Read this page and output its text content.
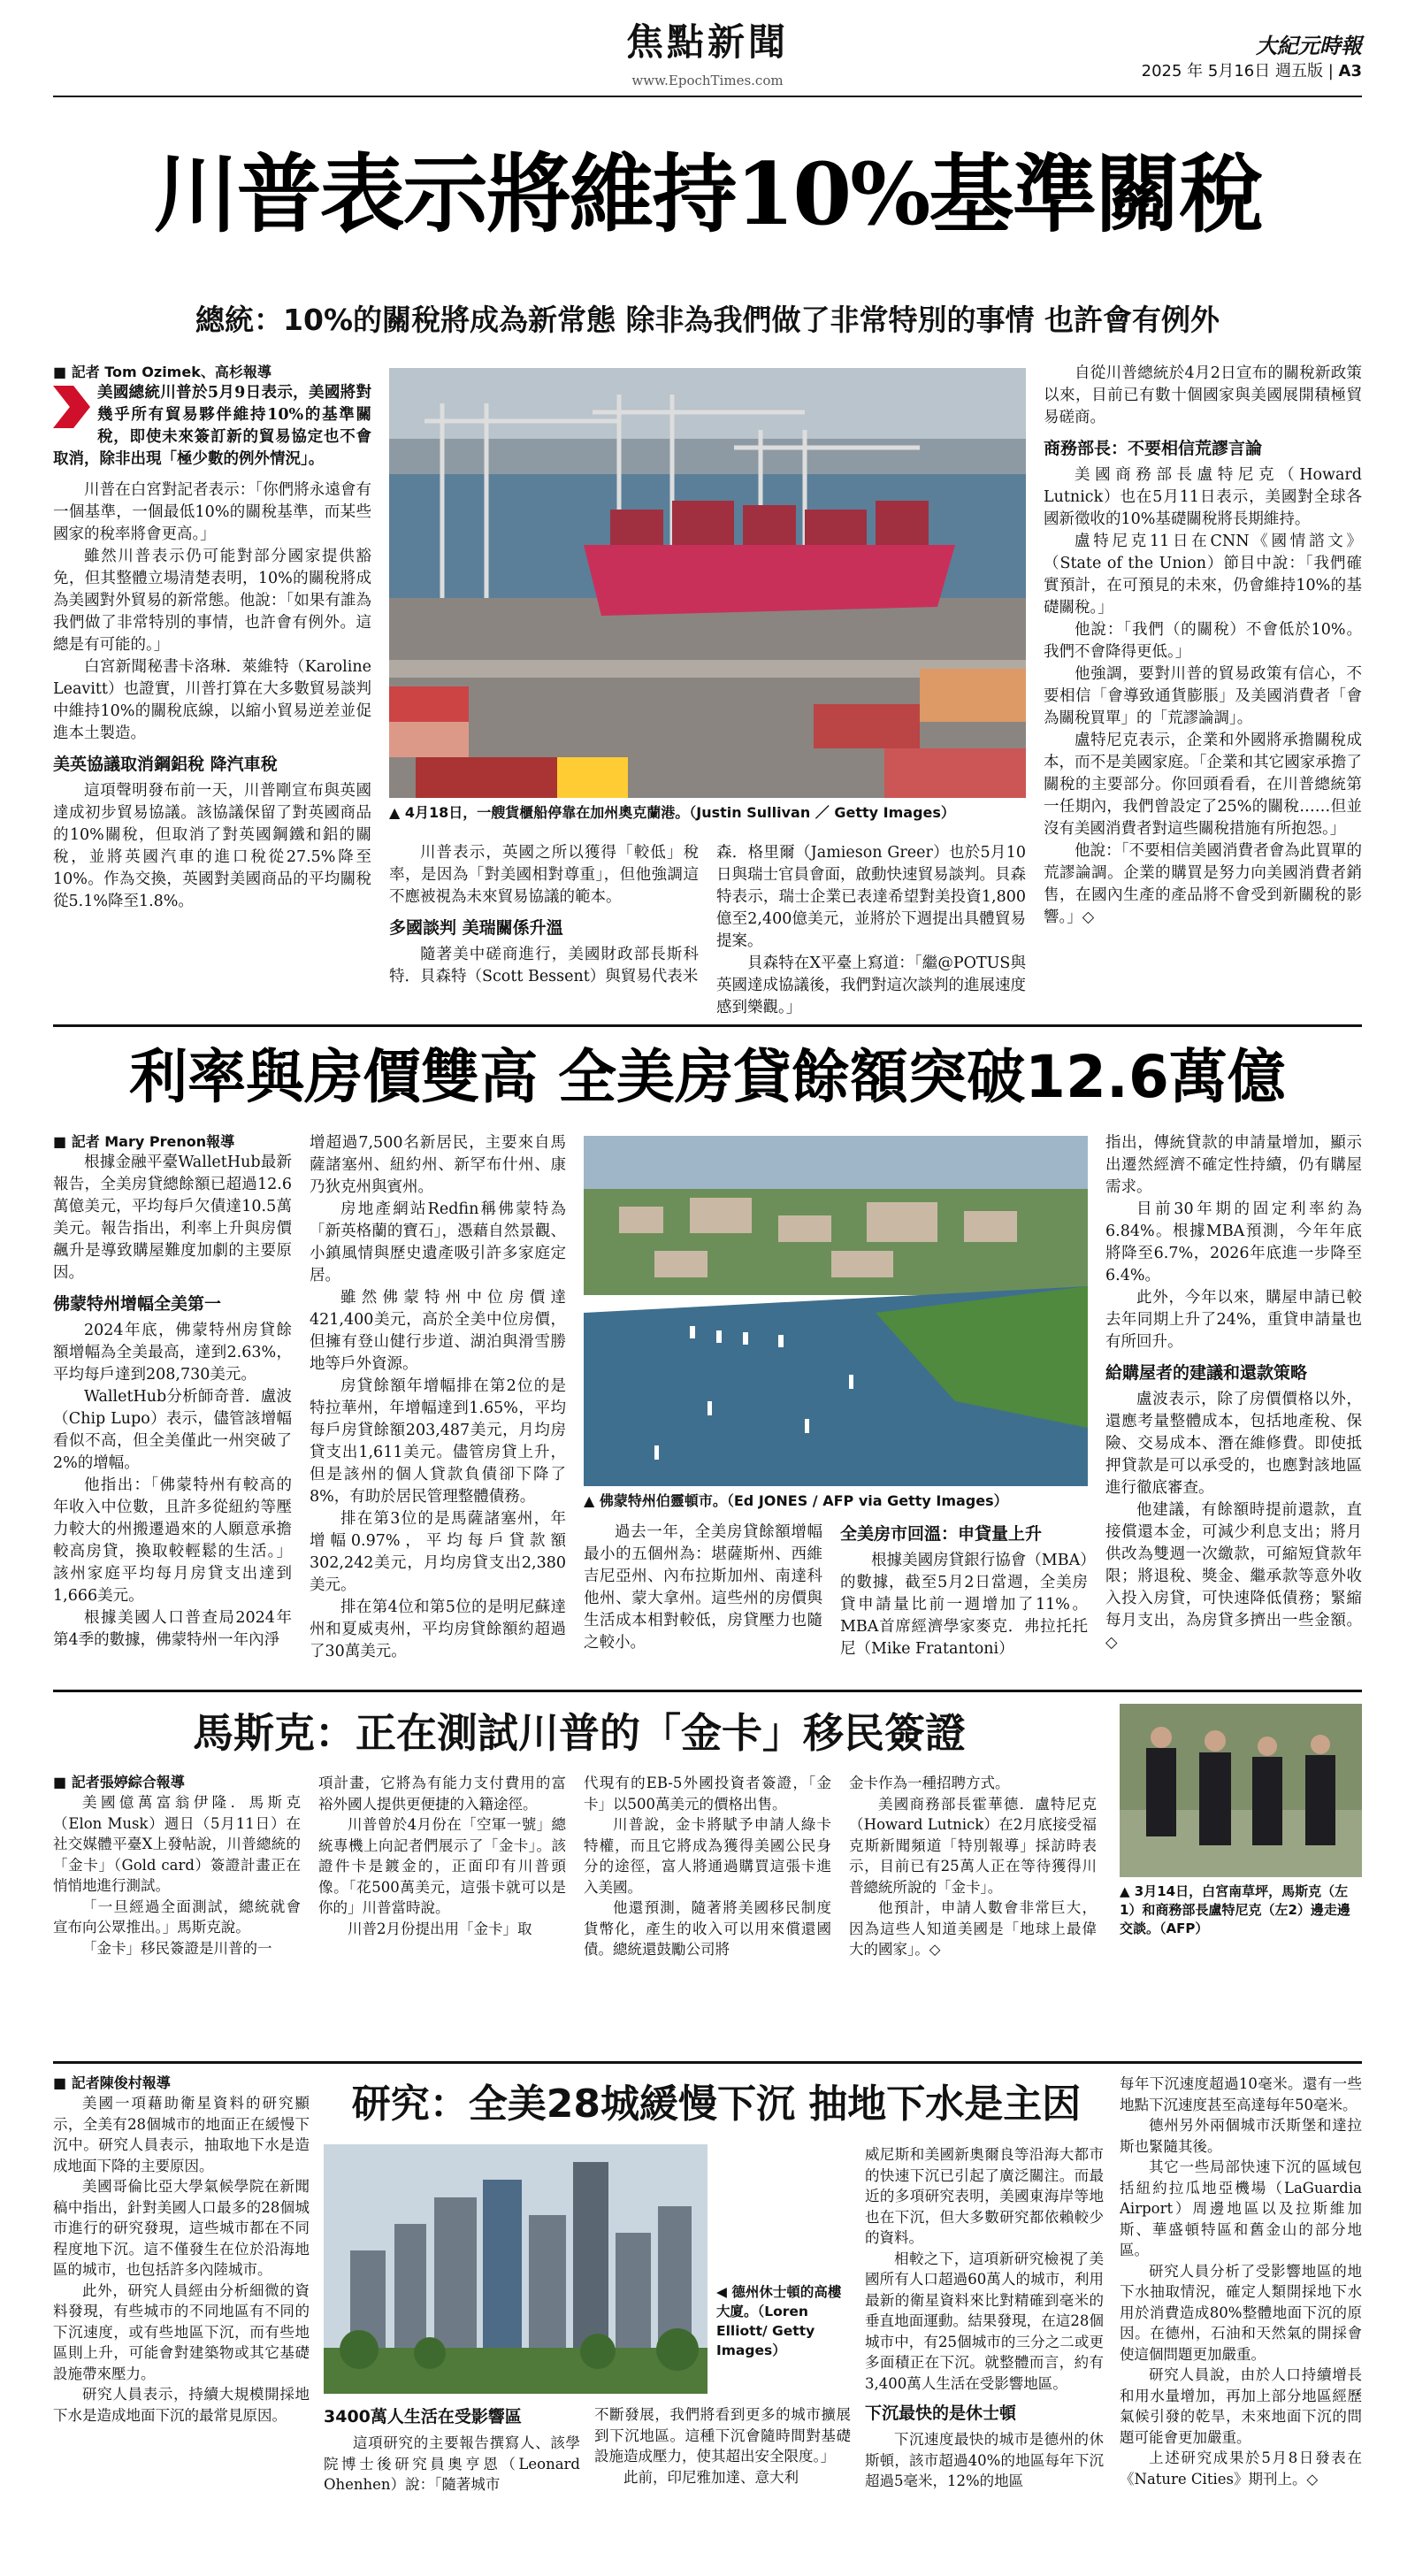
焦點新聞
www.EpochTimes.com
大紀元時報
2025 年 5月16日 週五版 | A3
川普表示將維持10%基準關稅
總統：10%的關稅將成為新常態 除非為我們做了非常特別的事情 也許會有例外

■ 記者 Tom Ozimek、高杉報導

美國總統川普於5月9日表示，美國將對幾乎所有貿易夥伴維持10%的基準關稅，即使未來簽訂新的貿易協定也不會取消，除非出現「極少數的例外情況」。

川普在白宮對記者表示：「你們將永遠會有一個基準，一個最低10%的關稅基準，而某些國家的稅率將會更高。」

雖然川普表示仍可能對部分國家提供豁免，但其整體立場清楚表明，10%的關稅將成為美國對外貿易的新常態。他說：「如果有誰為我們做了非常特別的事情，也許會有例外。這總是有可能的。」

白宮新聞秘書卡洛琳．萊維特（Karoline Leavitt）也證實，川普打算在大多數貿易談判中維持10%的關稅底線，以縮小貿易逆差並促進本土製造。

美英協議取消鋼鋁稅 降汽車稅

這項聲明發布前一天，川普剛宣布與英國達成初步貿易協議。該協議保留了對英國商品的10%關稅，但取消了對英國鋼鐵和鋁的關稅，並將英國汽車的進口稅從27.5%降至10%。作為交換，英國對美國商品的平均關稅從5.1%降至1.8%。

▲ 4月18日，一艘貨櫃船停靠在加州奧克蘭港。（Justin Sullivan ／ Getty Images）

川普表示，英國之所以獲得「較低」稅率，是因為「對美國相對尊重」，但他強調這不應被視為未來貿易協議的範本。

多國談判 美瑞關係升溫

隨著美中磋商進行，美國財政部長斯科特．貝森特（Scott Bessent）與貿易代表米

森．格里爾（Jamieson Greer）也於5月10日與瑞士官員會面，啟動快速貿易談判。貝森特表示，瑞士企業已表達希望對美投資1,800億至2,400億美元，並將於下週提出具體貿易提案。

貝森特在X平臺上寫道：「繼@POTUS與英國達成協議後，我們對這次談判的進展速度感到樂觀。」

自從川普總統於4月2日宣布的關稅新政策以來，目前已有數十個國家與美國展開積極貿易磋商。

商務部長：不要相信荒謬言論

美國商務部長盧特尼克（Howard Lutnick）也在5月11日表示，美國對全球各國新徵收的10%基礎關稅將長期維持。

盧特尼克11日在CNN《國情諮文》（State of the Union）節目中說：「我們確實預計，在可預見的未來，仍會維持10%的基礎關稅。」

他說：「我們（的關稅）不會低於10%。我們不會降得更低。」

他強調，要對川普的貿易政策有信心，不要相信「會導致通貨膨脹」及美國消費者「會為關稅買單」的「荒謬論調」。

盧特尼克表示，企業和外國將承擔關稅成本，而不是美國家庭。「企業和其它國家承擔了關稅的主要部分。你回頭看看，在川普總統第一任期內，我們曾設定了25%的關稅……但並沒有美國消費者對這些關稅措施有所抱怨。」

他說：「不要相信美國消費者會為此買單的荒謬論調。企業的購買是努力向美國消費者銷售，在國內生產的產品將不會受到新關稅的影響。」◇

利率與房價雙高 全美房貸餘額突破12.6萬億

■ 記者 Mary Prenon報導

根據金融平臺WalletHub最新報告，全美房貸總餘額已超過12.6萬億美元，平均每戶欠債達10.5萬美元。報告指出，利率上升與房價飆升是導致購屋難度加劇的主要原因。

佛蒙特州增幅全美第一

2024年底，佛蒙特州房貸餘額增幅為全美最高，達到2.63%，平均每戶達到208,730美元。

WalletHub分析師奇普．盧波（Chip Lupo）表示，儘管該增幅看似不高，但全美僅此一州突破了2%的增幅。

他指出：「佛蒙特州有較高的年收入中位數，且許多從紐約等壓力較大的州搬遷過來的人願意承擔較高房貸，換取較輕鬆的生活。」該州家庭平均每月房貸支出達到1,666美元。

根據美國人口普查局2024年第4季的數據，佛蒙特州一年內淨

增超過7,500名新居民，主要來自馬薩諸塞州、紐約州、新罕布什州、康乃狄克州與賓州。

房地產網站Redfin稱佛蒙特為「新英格蘭的寶石」，憑藉自然景觀、小鎮風情與歷史遺產吸引許多家庭定居。

雖然佛蒙特州中位房價達421,400美元，高於全美中位房價，但擁有登山健行步道、湖泊與滑雪勝地等戶外資源。

房貸餘額年增幅排在第2位的是特拉華州，年增幅達到1.65%，平均每戶房貸餘額203,487美元，月均房貸支出1,611美元。儘管房貸上升，但是該州的個人貸款負債卻下降了8%，有助於居民管理整體債務。

排在第3位的是馬薩諸塞州，年增幅0.97%，平均每戶貸款額302,242美元，月均房貸支出2,380美元。

排在第4位和第5位的是明尼蘇達州和夏威夷州，平均房貸餘額約超過了30萬美元。

▲ 佛蒙特州伯靈頓市。（Ed JONES / AFP via Getty Images）

過去一年，全美房貸餘額增幅最小的五個州為：堪薩斯州、西維吉尼亞州、內布拉斯加州、南達科他州、蒙大拿州。這些州的房價與生活成本相對較低，房貸壓力也隨之較小。

全美房市回溫：申貸量上升

根據美國房貸銀行協會（MBA）的數據，截至5月2日當週，全美房貸申請量比前一週增加了11%。MBA首席經濟學家麥克．弗拉托托尼（Mike Fratantoni）

指出，傳統貸款的申請量增加，顯示出遷然經濟不確定性持續，仍有購屋需求。

目前30年期的固定利率約為6.84%。根據MBA預測，今年年底將降至6.7%，2026年底進一步降至6.4%。

此外，今年以來，購屋申請已較去年同期上升了24%，重貸申請量也有所回升。

給購屋者的建議和還款策略

盧波表示，除了房價價格以外，還應考量整體成本，包括地產稅、保險、交易成本、潛在維修費。即使抵押貸款是可以承受的，也應對該地區進行徹底審查。

他建議，有餘額時提前還款，直接償還本金，可減少利息支出；將月供改為雙週一次繳款，可縮短貸款年限；將退稅、獎金、繼承款等意外收入投入房貸，可快速降低債務；緊縮每月支出，為房貸多擠出一些金額。◇

馬斯克：正在測試川普的「金卡」移民簽證

■ 記者張婷綜合報導

美國億萬富翁伊隆．馬斯克（Elon Musk）週日（5月11日）在社交媒體平臺X上發帖說，川普總統的「金卡」（Gold card）簽證計畫正在悄悄地進行測試。

「一旦經過全面測試，總統就會宣布向公眾推出。」馬斯克說。

「金卡」移民簽證是川普的一

項計畫，它將為有能力支付費用的富裕外國人提供更便捷的入籍途徑。

川普曾於4月份在「空軍一號」總統專機上向記者們展示了「金卡」。該證件卡是鍍金的，正面印有川普頭像。「花500萬美元，這張卡就可以是你的」川普當時說。

川普2月份提出用「金卡」取

代現有的EB-5外國投資者簽證，「金卡」以500萬美元的價格出售。

川普說，金卡將賦予申請人綠卡特權，而且它將成為獲得美國公民身分的途徑，富人將通過購買這張卡進入美國。

他還預測，隨著將美國移民制度貨幣化，產生的收入可以用來償還國債。總統還鼓勵公司將

金卡作為一種招聘方式。

美國商務部長霍華德．盧特尼克（Howard Lutnick）在2月底接受福克斯新聞頻道「特別報導」採訪時表示，目前已有25萬人正在等待獲得川普總統所說的「金卡」。

他預計，申請人數會非常巨大，因為這些人知道美國是「地球上最偉大的國家」。◇

▲ 3月14日，白宮南草坪，馬斯克（左1）和商務部長盧特尼克（左2）邊走邊交談。（AFP）

■ 記者陳俊村報導

美國一項藉助衛星資料的研究顯示，全美有28個城市的地面正在緩慢下沉中。研究人員表示，抽取地下水是造成地面下降的主要原因。

美國哥倫比亞大學氣候學院在新聞稿中指出，針對美國人口最多的28個城市進行的研究發現，這些城市都在不同程度地下沉。這不僅發生在位於沿海地區的城市，也包括許多內陸城市。

此外，研究人員經由分析細微的資料發現，有些城市的不同地區有不同的下沉速度，或有些地區下沉，而有些地區則上升，可能會對建築物或其它基礎設施帶來壓力。

研究人員表示，持續大規模開採地下水是造成地面下沉的最常見原因。

研究：全美28城緩慢下沉 抽地下水是主因
◀ 德州休士頓的高樓大廈。（Loren Elliott/ Getty Images）
3400萬人生活在受影響區

這項研究的主要報告撰寫人、該學院博士後研究員奧亨恩（Leonard Ohenhen）說：「隨著城市

不斷發展，我們將看到更多的城市擴展到下沉地區。這種下沉會隨時間對基礎設施造成壓力，使其超出安全限度。」

此前，印尼雅加達、意大利

威尼斯和美國新奧爾良等沿海大都市的快速下沉已引起了廣泛關注。而最近的多項研究表明，美國東海岸等地也在下沉，但大多數研究都依賴較少的資料。

相較之下，這項新研究檢視了美國所有人口超過60萬人的城市，利用最新的衛星資料來比對精確到毫米的垂直地面運動。結果發現，在這28個城市中，有25個城市的三分之二或更多面積正在下沉。就整體而言，約有3,400萬人生活在受影響地區。

下沉最快的是休士頓

下沉速度最快的城市是德州的休斯頓，該市超過40%的地區每年下沉超過5毫米，12%的地區

每年下沉速度超過10毫米。還有一些地點下沉速度甚至高達每年50毫米。

德州另外兩個城市沃斯堡和達拉斯也緊隨其後。

其它一些局部快速下沉的區域包括紐約拉瓜地亞機場（LaGuardia Airport）周邊地區以及拉斯維加斯、華盛頓特區和舊金山的部分地區。

研究人員分析了受影響地區的地下水抽取情況，確定人類開採地下水用於消費造成80%整體地面下沉的原因。在德州，石油和天然氣的開採會使這個問題更加嚴重。

研究人員說，由於人口持續增長和用水量增加，再加上部分地區經歷氣候引發的乾旱，未來地面下沉的問題可能會更加嚴重。

上述研究成果於5月8日發表在《Nature Cities》期刊上。◇
